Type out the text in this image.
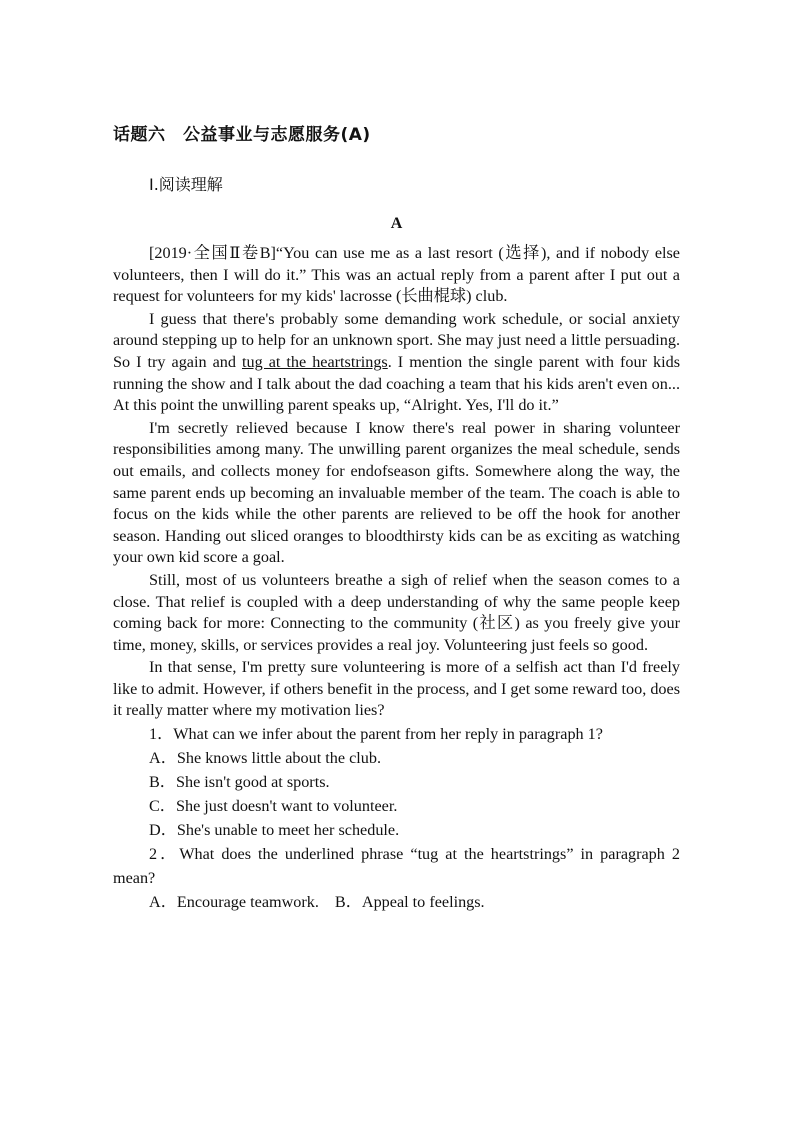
话题六　公益事业与志愿服务(A)
Ⅰ.阅读理解
A

[2019·全国Ⅱ卷B]“You can use me as a last resort (选择), and if nobody else volunteers, then I will do it.” This was an actual reply from a parent after I put out a request for volunteers for my kids' lacrosse (长曲棍球) club.

I guess that there's probably some demanding work schedule, or social anxiety around stepping up to help for an unknown sport. She may just need a little persuading. So I try again and tug at the heartstrings. I mention the single parent with four kids running the show and I talk about the dad coaching a team that his kids aren't even on... At this point the unwilling parent speaks up, “Alright. Yes, I'll do it.”

I'm secretly relieved because I know there's real power in sharing volunteer responsibilities among many. The unwilling parent organizes the meal schedule, sends out emails, and collects money for endofseason gifts. Somewhere along the way, the same parent ends up becoming an invaluable member of the team. The coach is able to focus on the kids while the other parents are relieved to be off the hook for another season. Handing out sliced oranges to bloodthirsty kids can be as exciting as watching your own kid score a goal.

Still, most of us volunteers breathe a sigh of relief when the season comes to a close. That relief is coupled with a deep understanding of why the same people keep coming back for more: Connecting to the community (社区) as you freely give your time, money, skills, or services provides a real joy. Volunteering just feels so good.

In that sense, I'm pretty sure volunteering is more of a selfish act than I'd freely like to admit. However, if others benefit in the process, and I get some reward too, does it really matter where my motivation lies?

1．What can we infer about the parent from her reply in paragraph 1?

A．She knows little about the club.

B．She isn't good at sports.

C．She just doesn't want to volunteer.

D．She's unable to meet her schedule.

2．What does the underlined phrase “tug at the heartstrings” in paragraph 2 mean?

A．Encourage teamwork. B．Appeal to feelings.
